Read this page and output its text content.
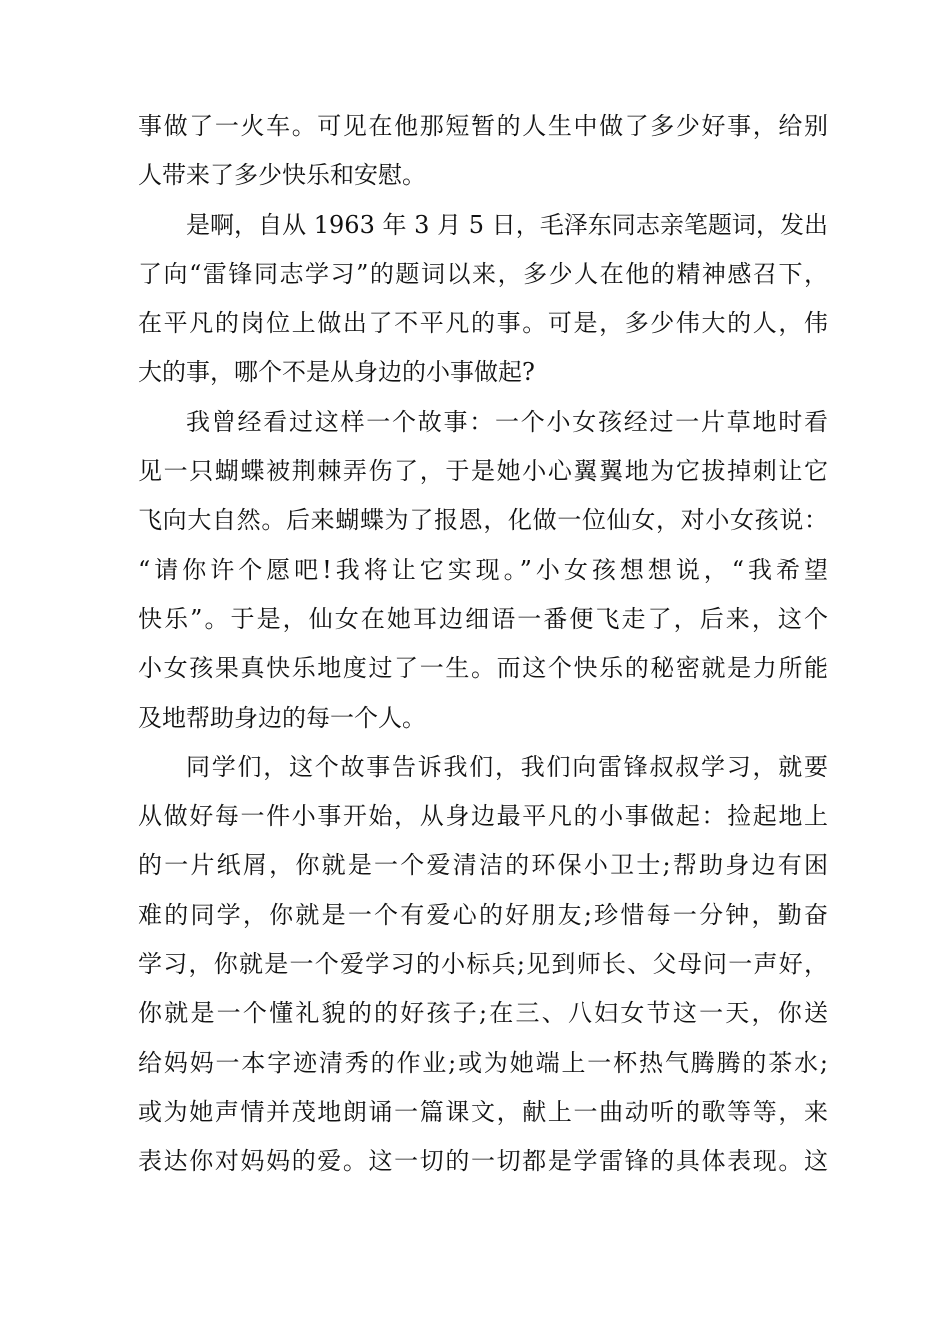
事做了一火车。可见在他那短暂的人生中做了多少好事，给别
人带来了多少快乐和安慰。
是啊，自从 1963 年 3 月 5 日，毛泽东同志亲笔题词，发出
了向“雷锋同志学习”的题词以来，多少人在他的精神感召下，
在平凡的岗位上做出了不平凡的事。可是，多少伟大的人，伟
大的事，哪个不是从身边的小事做起?
我曾经看过这样一个故事：一个小女孩经过一片草地时看
见一只蝴蝶被荆棘弄伤了，于是她小心翼翼地为它拔掉刺让它
飞向大自然。后来蝴蝶为了报恩，化做一位仙女，对小女孩说：
“请你许个愿吧!我将让它实现。”小女孩想想说，“我希望
快乐”。于是，仙女在她耳边细语一番便飞走了，后来，这个
小女孩果真快乐地度过了一生。而这个快乐的秘密就是力所能
及地帮助身边的每一个人。
同学们，这个故事告诉我们，我们向雷锋叔叔学习，就要
从做好每一件小事开始，从身边最平凡的小事做起：捡起地上
的一片纸屑，你就是一个爱清洁的环保小卫士;帮助身边有困
难的同学，你就是一个有爱心的好朋友;珍惜每一分钟，勤奋
学习，你就是一个爱学习的小标兵;见到师长、父母问一声好，
你就是一个懂礼貌的的好孩子;在三、八妇女节这一天，你送
给妈妈一本字迹清秀的作业;或为她端上一杯热气腾腾的茶水;
或为她声情并茂地朗诵一篇课文，献上一曲动听的歌等等，来
表达你对妈妈的爱。这一切的一切都是学雷锋的具体表现。这
